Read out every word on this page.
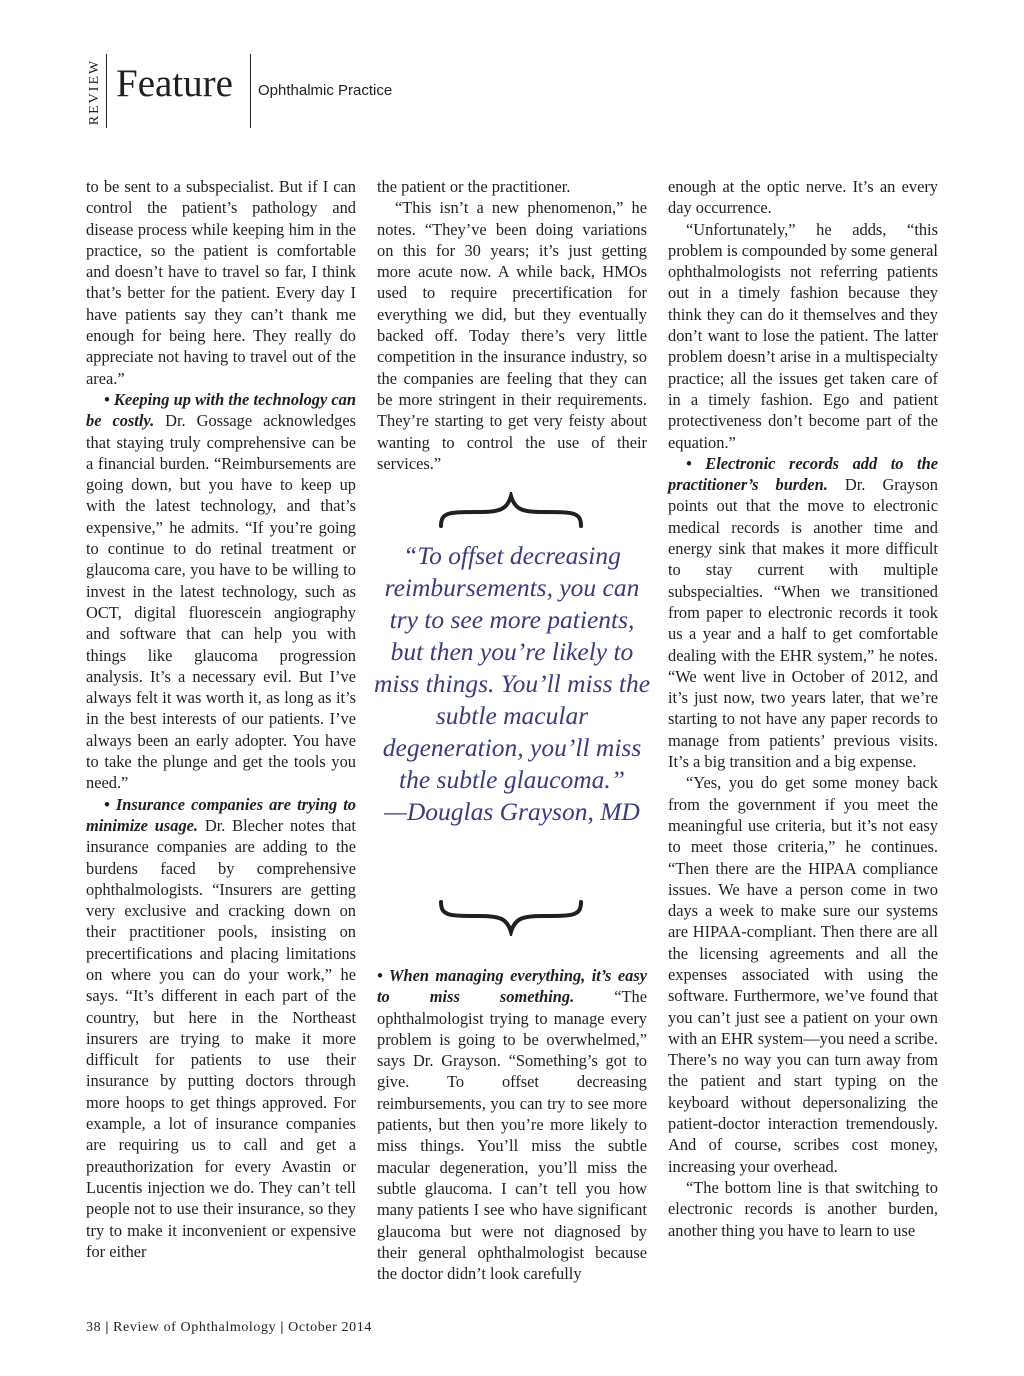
REVIEW Feature Ophthalmic Practice

to be sent to a subspecialist. But if I can control the patient’s pathology and disease process while keeping him in the practice, so the patient is comfortable and doesn’t have to travel so far, I think that’s better for the patient. Every day I have patients say they can’t thank me enough for being here. They really do appreciate not having to travel out of the area.”

• Keeping up with the technology can be costly. Dr. Gossage acknowledges that staying truly comprehensive can be a financial burden. “Reimbursements are going down, but you have to keep up with the latest technology, and that’s expensive,” he admits. “If you’re going to continue to do retinal treatment or glaucoma care, you have to be willing to invest in the latest technology, such as OCT, digital fluorescein angiography and software that can help you with things like glaucoma progression analysis. It’s a necessary evil. But I’ve always felt it was worth it, as long as it’s in the best interests of our patients. I’ve always been an early adopter. You have to take the plunge and get the tools you need.”

• Insurance companies are trying to minimize usage. Dr. Blecher notes that insurance companies are adding to the burdens faced by comprehensive ophthalmologists. “Insurers are getting very exclusive and cracking down on their practitioner pools, insisting on precertifications and placing limitations on where you can do your work,” he says. “It’s different in each part of the country, but here in the Northeast insurers are trying to make it more difficult for patients to use their insurance by putting doctors through more hoops to get things approved. For example, a lot of insurance companies are requiring us to call and get a preauthorization for every Avastin or Lucentis injection we do. They can’t tell people not to use their insurance, so they try to make it inconvenient or expensive for either

the patient or the practitioner.

“This isn’t a new phenomenon,” he notes. “They’ve been doing variations on this for 30 years; it’s just getting more acute now. A while back, HMOs used to require precertification for everything we did, but they eventually backed off. Today there’s very little competition in the insurance industry, so the companies are feeling that they can be more stringent in their requirements. They’re starting to get very feisty about wanting to control the use of their services.”

“To offset decreasing reimbursements, you can try to see more patients, but then you’re likely to miss things. You’ll miss the subtle macular degeneration, you’ll miss the subtle glaucoma.”
—Douglas Grayson, MD

• When managing everything, it’s easy to miss something. “The ophthalmologist trying to manage every problem is going to be overwhelmed,” says Dr. Grayson. “Something’s got to give. To offset decreasing reimbursements, you can try to see more patients, but then you’re more likely to miss things. You’ll miss the subtle macular degeneration, you’ll miss the subtle glaucoma. I can’t tell you how many patients I see who have significant glaucoma but were not diagnosed by their general ophthalmologist because the doctor didn’t look carefully

enough at the optic nerve. It’s an every day occurrence.

“Unfortunately,” he adds, “this problem is compounded by some general ophthalmologists not referring patients out in a timely fashion because they think they can do it themselves and they don’t want to lose the patient. The latter problem doesn’t arise in a multispecialty practice; all the issues get taken care of in a timely fashion. Ego and patient protectiveness don’t become part of the equation.”

• Electronic records add to the practitioner’s burden. Dr. Grayson points out that the move to electronic medical records is another time and energy sink that makes it more difficult to stay current with multiple subspecialties. “When we transitioned from paper to electronic records it took us a year and a half to get comfortable dealing with the EHR system,” he notes. “We went live in October of 2012, and it’s just now, two years later, that we’re starting to not have any paper records to manage from patients’ previous visits. It’s a big transition and a big expense.

“Yes, you do get some money back from the government if you meet the meaningful use criteria, but it’s not easy to meet those criteria,” he continues. “Then there are the HIPAA compliance issues. We have a person come in two days a week to make sure our systems are HIPAA-compliant. Then there are all the licensing agreements and all the expenses associated with using the software. Furthermore, we’ve found that you can’t just see a patient on your own with an EHR system—you need a scribe. There’s no way you can turn away from the patient and start typing on the keyboard without depersonalizing the patient-doctor interaction tremendously. And of course, scribes cost money, increasing your overhead.

“The bottom line is that switching to electronic records is another burden, another thing you have to learn to use

38 | Review of Ophthalmology | October 2014
